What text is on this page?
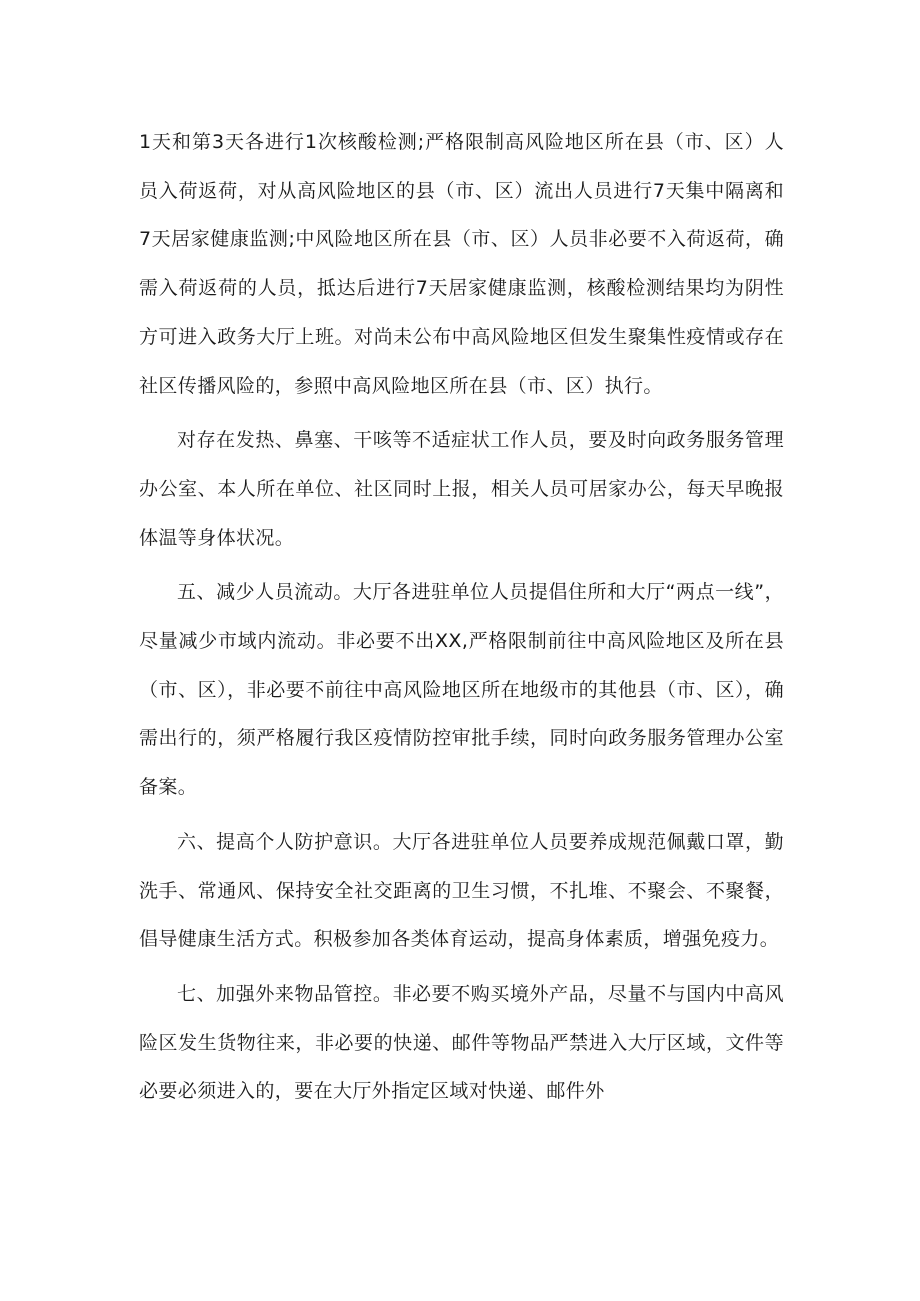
1天和第3天各进行1次核酸检测;严格限制高风险地区所在县（市、区）人员入荷返荷，对从高风险地区的县（市、区）流出人员进行7天集中隔离和7天居家健康监测;中风险地区所在县（市、区）人员非必要不入荷返荷，确需入荷返荷的人员，抵达后进行7天居家健康监测，核酸检测结果均为阴性方可进入政务大厅上班。对尚未公布中高风险地区但发生聚集性疫情或存在社区传播风险的，参照中高风险地区所在县（市、区）执行。

对存在发热、鼻塞、干咳等不适症状工作人员，要及时向政务服务管理办公室、本人所在单位、社区同时上报，相关人员可居家办公，每天早晚报体温等身体状况。

五、减少人员流动。大厅各进驻单位人员提倡住所和大厅“两点一线”，尽量减少市域内流动。非必要不出XX,严格限制前往中高风险地区及所在县（市、区），非必要不前往中高风险地区所在地级市的其他县（市、区），确需出行的，须严格履行我区疫情防控审批手续，同时向政务服务管理办公室备案。

六、提高个人防护意识。大厅各进驻单位人员要养成规范佩戴口罩，勤洗手、常通风、保持安全社交距离的卫生习惯，不扎堆、不聚会、不聚餐，倡导健康生活方式。积极参加各类体育运动，提高身体素质，增强免疫力。

七、加强外来物品管控。非必要不购买境外产品，尽量不与国内中高风险区发生货物往来，非必要的快递、邮件等物品严禁进入大厅区域，文件等必要必须进入的，要在大厅外指定区域对快递、邮件外
